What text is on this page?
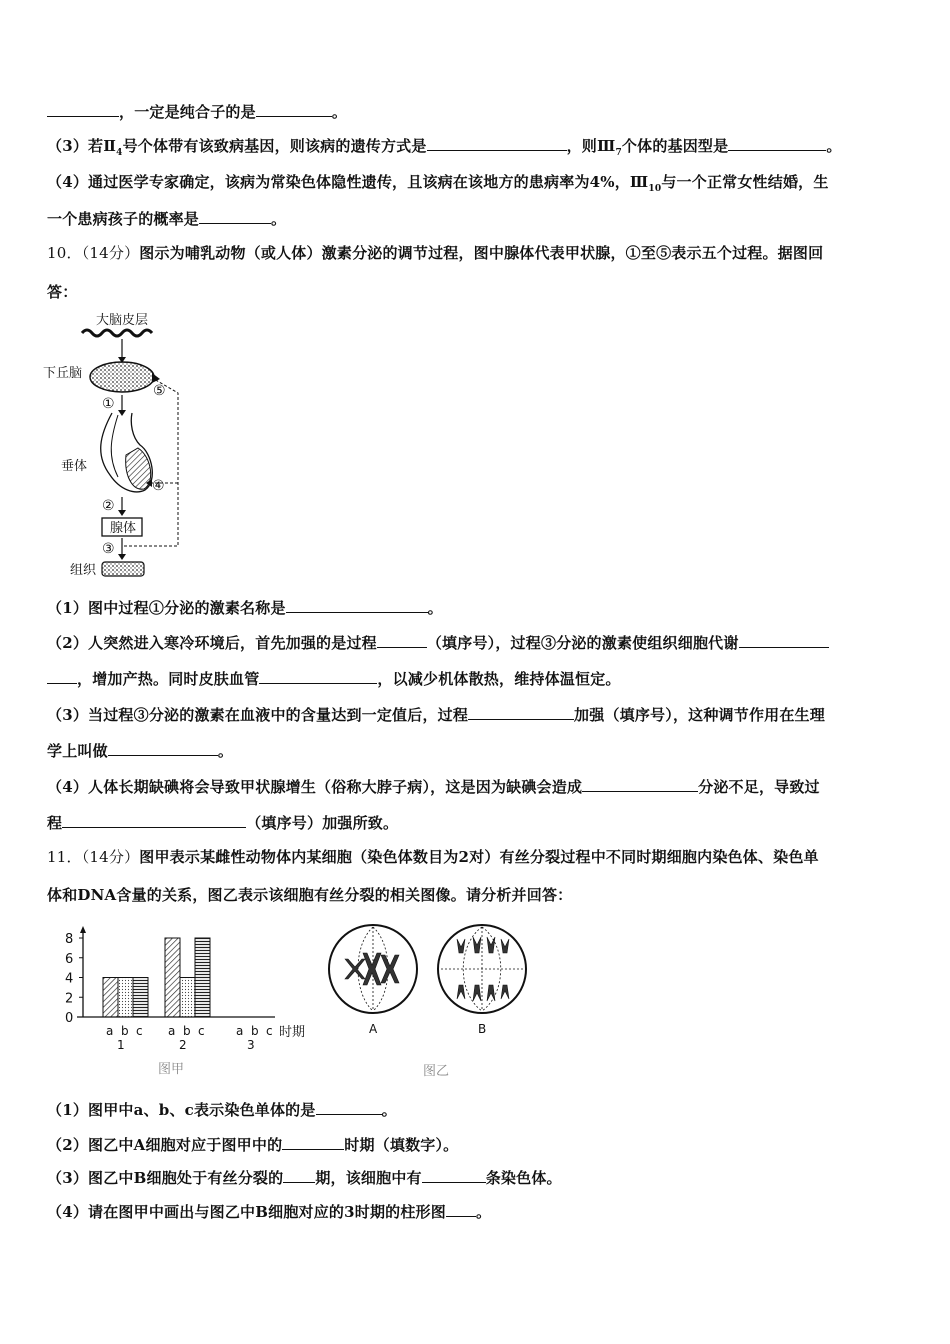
，一定是纯合子的是	。
（3）若$Ⅱ_4$号个体带有该致病基因，则该病的遗传方式是	，则$Ⅲ_7$个体的基因型是	。
（4）通过医学专家确定，该病为常染色体隐性遗传，且该病在该地方的患病率为4%，$Ⅲ_{10}$与一个正常女性结婚，生
一个患病孩子的概率是	。
10．（14分）图示为哺乳动物（或人体）激素分泌的调节过程，图中腺体代表甲状腺，①至⑤表示五个过程。据图回
答：
大脑皮层
下丘脑
①
垂体
②
腺体
③
组织
⑤
④
（1）图中过程①分泌的激素名称是	。
（2）人突然进入寒冷环境后，首先加强的是过程	（填序号），过程③分泌的激素使组织细胞代谢
，增加产热。同时皮肤血管	，以减少机体散热，维持体温恒定。
（3）当过程③分泌的激素在血液中的含量达到一定值后，过程	加强（填序号），这种调节作用在生理
学上叫做	。
（4）人体长期缺碘将会导致甲状腺增生（俗称大脖子病），这是因为缺碘会造成	分泌不足，导致过
程	（填序号）加强所致。
11．（14分）图甲表示某雌性动物体内某细胞（染色体数目为2对）有丝分裂过程中不同时期细胞内染色体、染色单
体和DNA含量的关系，图乙表示该细胞有丝分裂的相关图像。请分析并回答：
0
2
4
6
8
a b c
1
a b c
2
a b c
3
时期
图甲
A	B
图乙
（1）图甲中a、b、c表示染色单体的是	。
（2）图乙中A细胞对应于图甲中的	时期（填数字）。
（3）图乙中B细胞处于有丝分裂的 期，该细胞中有	条染色体。
（4）请在图甲中画出与图乙中B细胞对应的3时期的柱形图 。
